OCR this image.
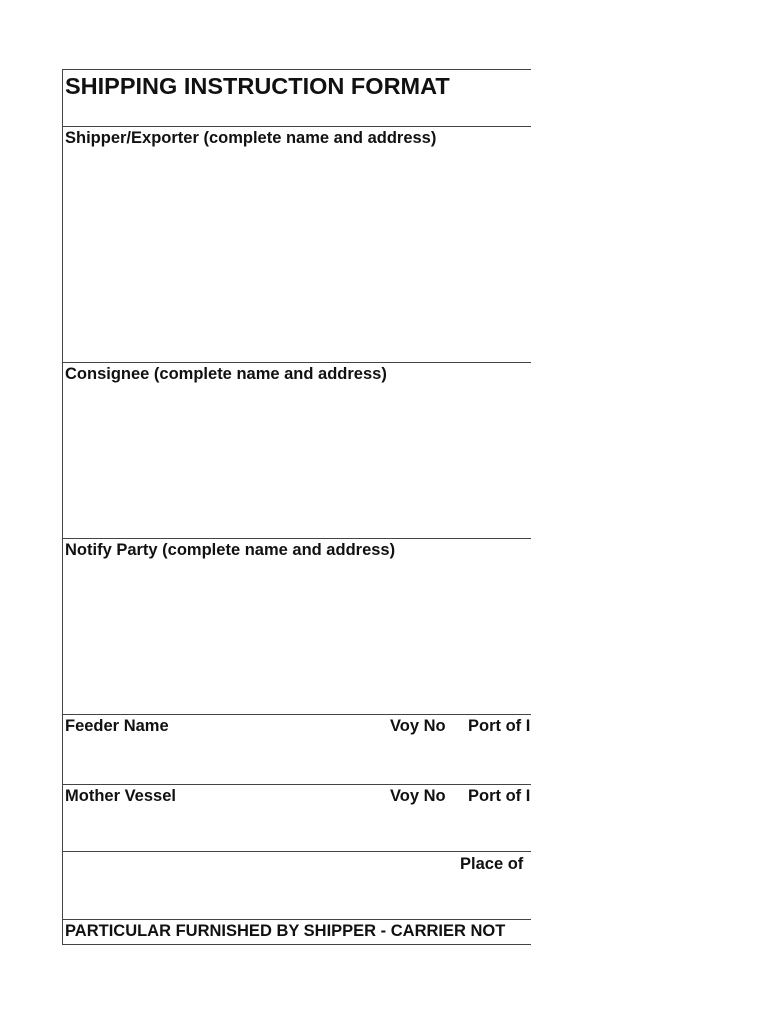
SHIPPING INSTRUCTION FORMAT
Shipper/Exporter (complete name and address)
Consignee (complete name and address)
Notify Party (complete name and address)
Feeder Name	Voy No Port of I
Mother Vessel	Voy No Port of I
Place of
PARTICULAR FURNISHED BY SHIPPER - CARRIER NOT
